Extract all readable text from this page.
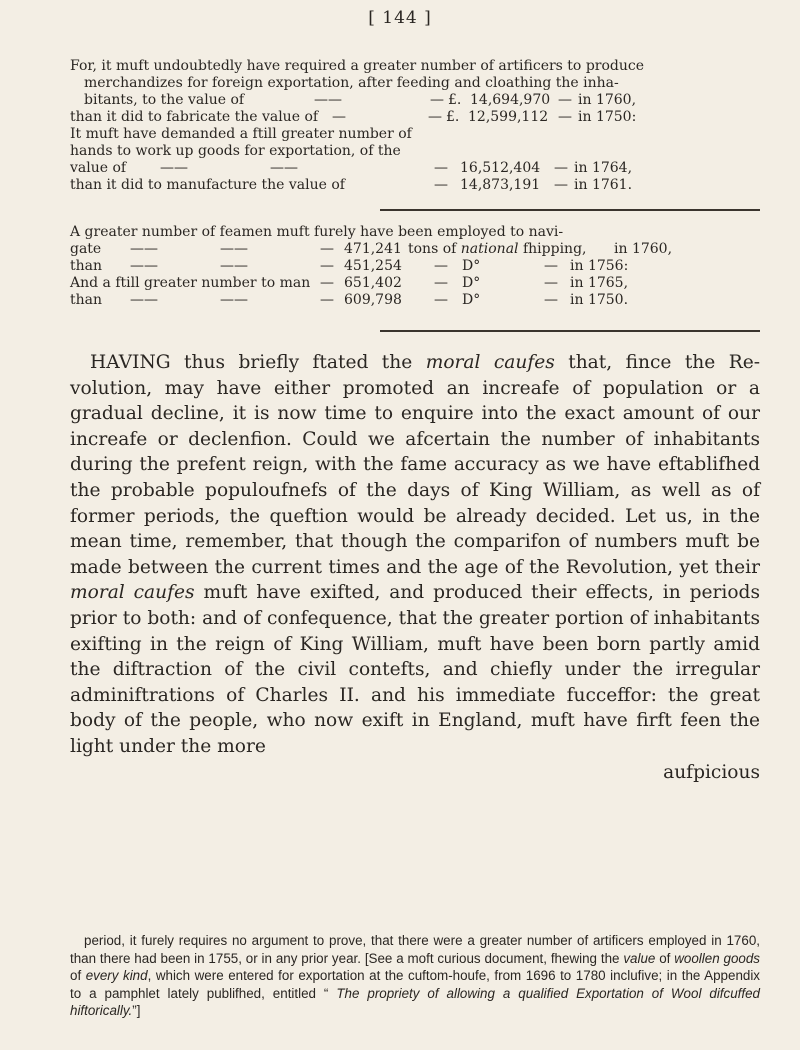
[ 144 ]
For, it muft undoubtedly have required a greater number of artificers to produce
merchandizes for foreign exportation, after feeding and cloathing the inha-
bitants, to the value of	——	— £. 14,694,970 — in 1760,
than it did to fabricate the value of —	— £. 12,599,112 — in 1750:
It muft have demanded a ftill greater number of
hands to work up goods for exportation, of the
value of ——	——	— 16,512,404 — in 1764,
than it did to manufacture the value of	— 14,873,191 — in 1761.
A greater number of feamen muft furely have been employed to navi-
gate ——	——	— 471,241 tons of national fhipping, in 1760,
than ——	——	— 451,254 — D°	— in 1756:
And a ftill greater number to man — 651,402 — D°	— in 1765,
than ——	——	— 609,798 — D°	— in 1750.

HAVING thus briefly ftated the moral caufes that, fince the Re-volution, may have either promoted an increafe of population or a gradual decline, it is now time to enquire into the exact amount of our increafe or declenfion. Could we afcertain the number of inhabitants during the prefent reign, with the fame accuracy as we have eftablifhed the probable populoufnefs of the days of King William, as well as of former periods, the queftion would be already decided. Let us, in the mean time, remember, that though the comparifon of numbers muft be made between the current times and the age of the Revolution, yet their moral caufes muft have exifted, and produced their effects, in periods prior to both: and of confequence, that the greater portion of inhabitants exifting in the reign of King William, muft have been born partly amid the diftraction of the civil contefts, and chiefly under the irregular adminiftrations of Charles II. and his immediate fucceffor: the great body of the people, who now exift in England, muft have firft feen the light under the more

aufpicious

period, it furely requires no argument to prove, that there were a greater number of artificers employed in 1760, than there had been in 1755, or in any prior year. [See a moft curious document, fhewing the value of woollen goods of every kind, which were entered for exportation at the cuftom-houfe, from 1696 to 1780 inclufive; in the Appendix to a pamphlet lately publifhed, entitled “ The propriety of allowing a qualified Exportation of Wool difcuffed hiftorically.”]
